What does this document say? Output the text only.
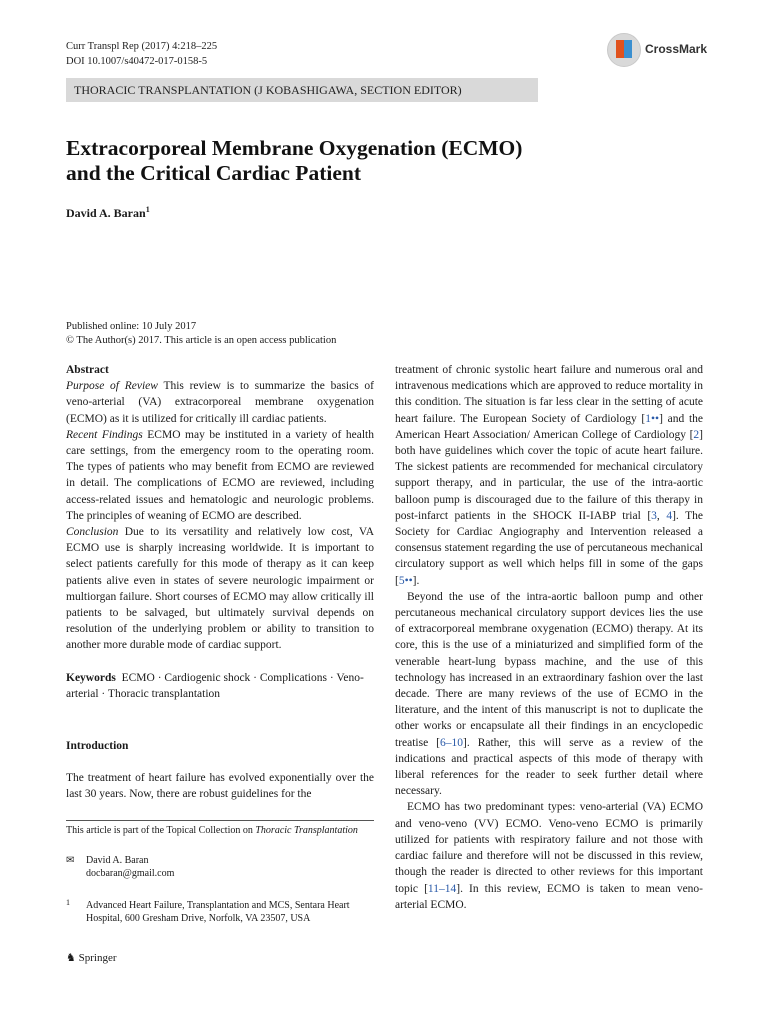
Curr Transpl Rep (2017) 4:218–225
DOI 10.1007/s40472-017-0158-5
CrossMark
THORACIC TRANSPLANTATION (J KOBASHIGAWA, SECTION EDITOR)
Extracorporeal Membrane Oxygenation (ECMO)
and the Critical Cardiac Patient
David A. Baran$^1$
Published online: 10 July 2017
© The Author(s) 2017. This article is an open access publication
Abstract

Purpose of Review This review is to summarize the basics of veno-arterial (VA) extracorporeal membrane oxygenation (ECMO) as it is utilized for critically ill cardiac patients.

Recent Findings ECMO may be instituted in a variety of health care settings, from the emergency room to the operating room. The types of patients who may benefit from ECMO are reviewed in detail. The complications of ECMO are reviewed, including access-related issues and hematologic and neurologic problems. The principles of weaning of ECMO are described.

Conclusion Due to its versatility and relatively low cost, VA ECMO use is sharply increasing worldwide. It is important to select patients carefully for this mode of therapy as it can keep patients alive even in states of severe neurologic impairment or multiorgan failure. Short courses of ECMO may allow critically ill patients to be salvaged, but ultimately survival depends on resolution of the underlying problem or ability to transition to another more durable mode of cardiac support.

Keywords ECMO · Cardiogenic shock · Complications · Veno-arterial · Thoracic transplantation
Introduction
The treatment of heart failure has evolved exponentially over the last 30 years. Now, there are robust guidelines for the
This article is part of the Topical Collection on Thoracic Transplantation
✉ David A. Baran
docbaran@gmail.com
1	Advanced Heart Failure, Transplantation and MCS, Sentara Heart Hospital, 600 Gresham Drive, Norfolk, VA 23507, USA
♞ Springer

treatment of chronic systolic heart failure and numerous oral and intravenous medications which are approved to reduce mortality in this condition. The situation is far less clear in the setting of acute heart failure. The European Society of Cardiology [1••] and the American Heart Association/ American College of Cardiology [2] both have guidelines which cover the topic of acute heart failure. The sickest patients are recommended for mechanical circulatory support therapy, and in particular, the use of the intra-aortic balloon pump is discouraged due to the failure of this therapy in post-infarct patients in the SHOCK II-IABP trial [3, 4]. The Society for Cardiac Angiography and Intervention released a consensus statement regarding the use of percutaneous mechanical circulatory support as well which helps fill in some of the gaps [5••].

Beyond the use of the intra-aortic balloon pump and other percutaneous mechanical circulatory support devices lies the use of extracorporeal membrane oxygenation (ECMO) therapy. At its core, this is the use of a miniaturized and simplified form of the venerable heart-lung bypass machine, and the use of this technology has increased in an extraordinary fashion over the last decade. There are many reviews of the use of ECMO in the literature, and the intent of this manuscript is not to duplicate the other works or encapsulate all their findings in an encyclopedic treatise [6–10]. Rather, this will serve as a review of the indications and practical aspects of this mode of therapy with liberal references for the reader to seek further detail where necessary.

ECMO has two predominant types: veno-arterial (VA) ECMO and veno-veno (VV) ECMO. Veno-veno ECMO is primarily utilized for patients with respiratory failure and not those with cardiac failure and therefore will not be discussed in this review, though the reader is directed to other reviews for this important topic [11–14]. In this review, ECMO is taken to mean veno-arterial ECMO.
